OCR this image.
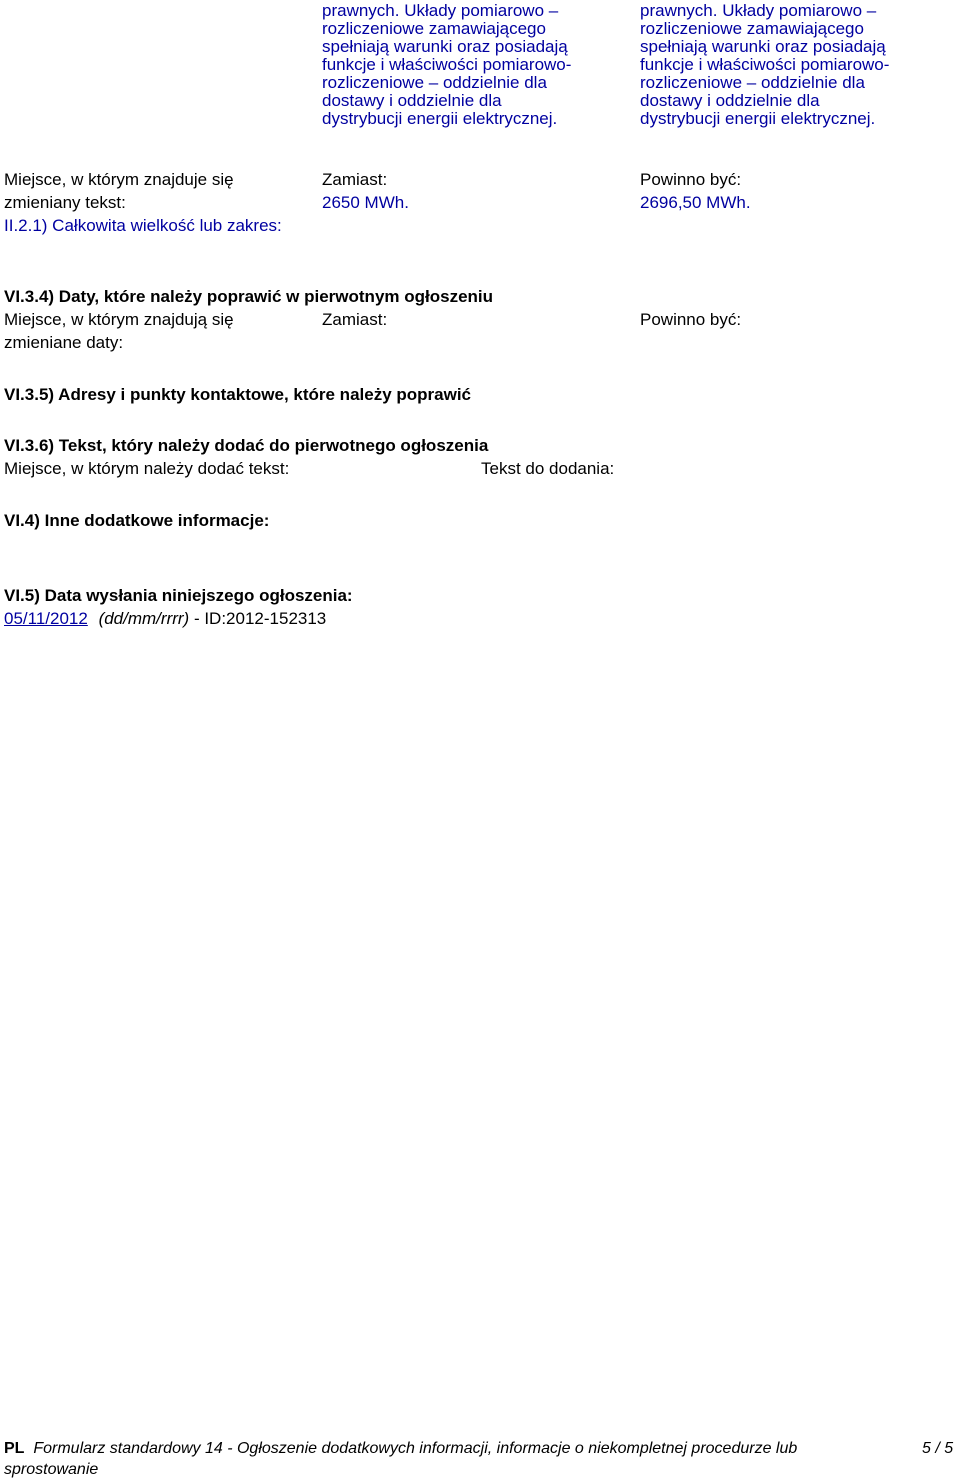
prawnych. Układy pomiarowo –
rozliczeniowe zamawiającego
spełniają warunki oraz posiadają
funkcje i właściwości pomiarowo-
rozliczeniowe – oddzielnie dla
dostawy i oddzielnie dla
dystrybucji energii elektrycznej.
prawnych. Układy pomiarowo –
rozliczeniowe zamawiającego
spełniają warunki oraz posiadają
funkcje i właściwości pomiarowo-
rozliczeniowe – oddzielnie dla
dostawy i oddzielnie dla
dystrybucji energii elektrycznej.
Miejsce, w którym znajduje się
zmieniany tekst:
II.2.1) Całkowita wielkość lub zakres:
Zamiast:
2650 MWh.
Powinno być:
2696,50 MWh.
VI.3.4) Daty, które należy poprawić w pierwotnym ogłoszeniu
Miejsce, w którym znajdują się
zmieniane daty:
Zamiast:	Powinno być:
VI.3.5) Adresy i punkty kontaktowe, które należy poprawić
VI.3.6) Tekst, który należy dodać do pierwotnego ogłoszenia
Miejsce, w którym należy dodać tekst:	Tekst do dodania:
VI.4) Inne dodatkowe informacje:
VI.5) Data wysłania niniejszego ogłoszenia:
05/11/2012 (dd/mm/rrrr) - ID:2012-152313
PL Formularz standardowy 14 - Ogłoszenie dodatkowych informacji, informacje o niekompletnej procedurze lub
sprostowanie
5 / 5
